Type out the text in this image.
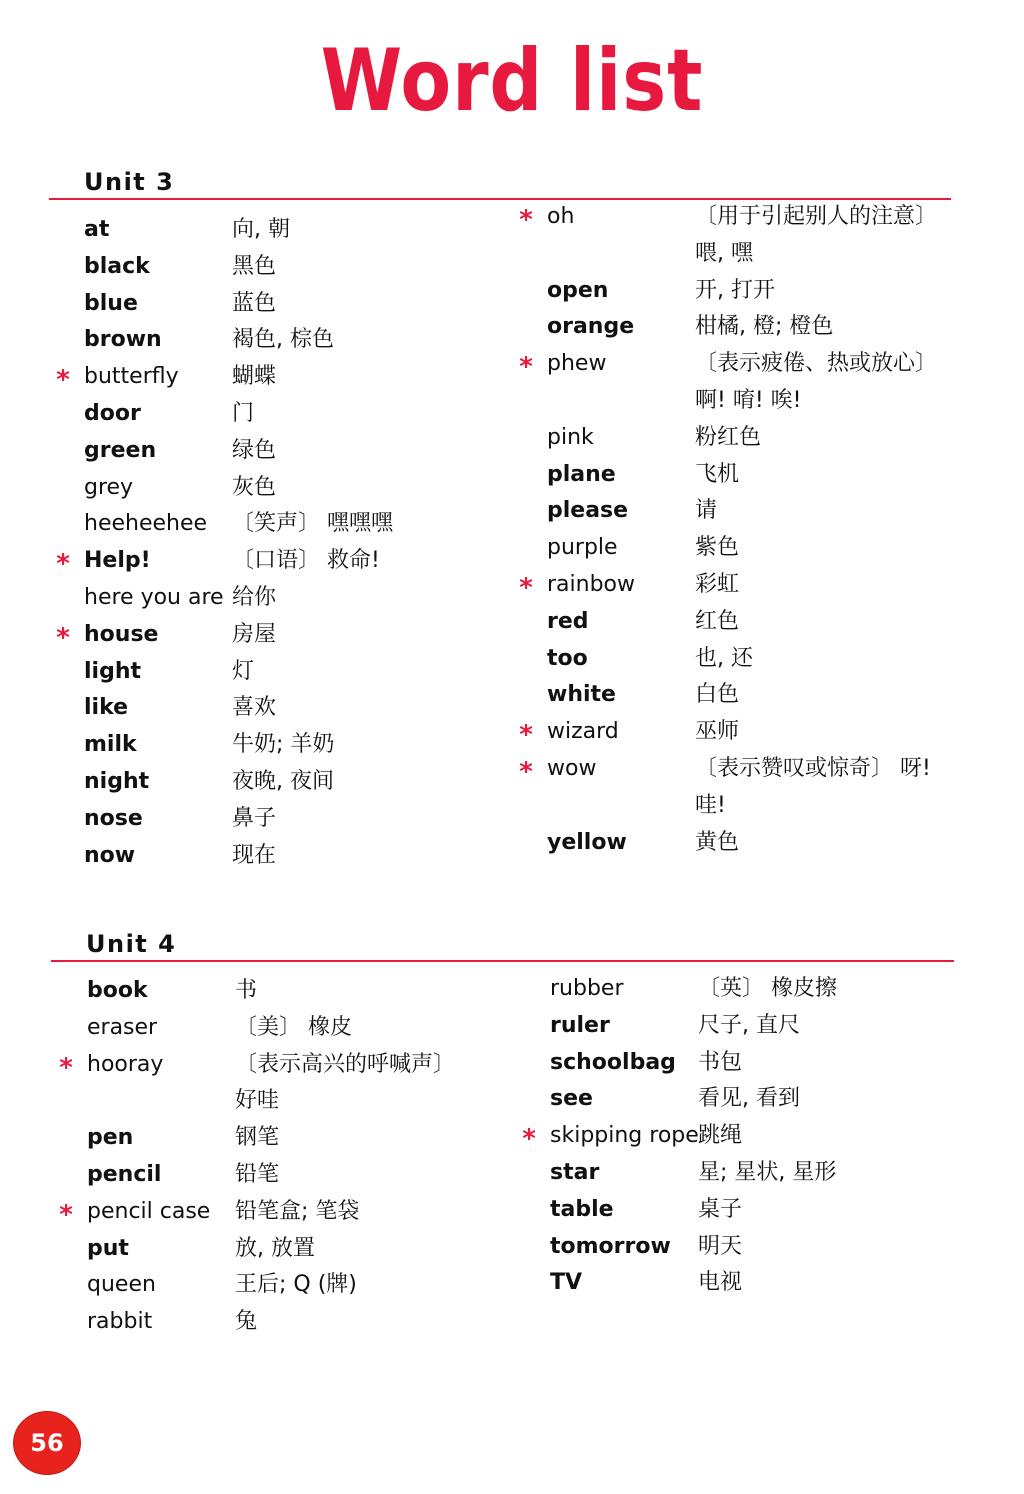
Word list
Unit 3
at	向, 朝
black	黑色
blue	蓝色
brown	褐色, 棕色
* butterfly 蝴蝶
door	门
green	绿色
grey	灰色
heeheehee 〔笑声〕 嘿嘿嘿
* Help!	〔口语〕 救命!
here you are 给你
* house	房屋
light	灯
like	喜欢
milk	牛奶; 羊奶
night	夜晚, 夜间
nose	鼻子
now	现在
* oh	〔用于引起别人的注意〕
喂, 嘿
open	开, 打开
orange	柑橘, 橙; 橙色
* phew	〔表示疲倦、热或放心〕
啊! 唷! 唉!
pink	粉红色
plane	飞机
please	请
purple	紫色
* rainbow	彩虹
red	红色
too	也, 还
white	白色
* wizard	巫师
* wow	〔表示赞叹或惊奇〕 呀!
哇!
yellow	黄色
Unit 4
book	书
eraser	〔美〕 橡皮
* hooray	〔表示高兴的呼喊声〕
好哇
pen	钢笔
pencil	铅笔
* pencil case 铅笔盒; 笔袋
put	放, 放置
queen	王后; Q (牌)
rabbit	兔
rubber	〔英〕 橡皮擦
ruler	尺子, 直尺
schoolbag 书包
see	看见, 看到
* skipping rope 跳绳
star	星; 星状, 星形
table	桌子
tomorrow 明天
TV	电视
56
